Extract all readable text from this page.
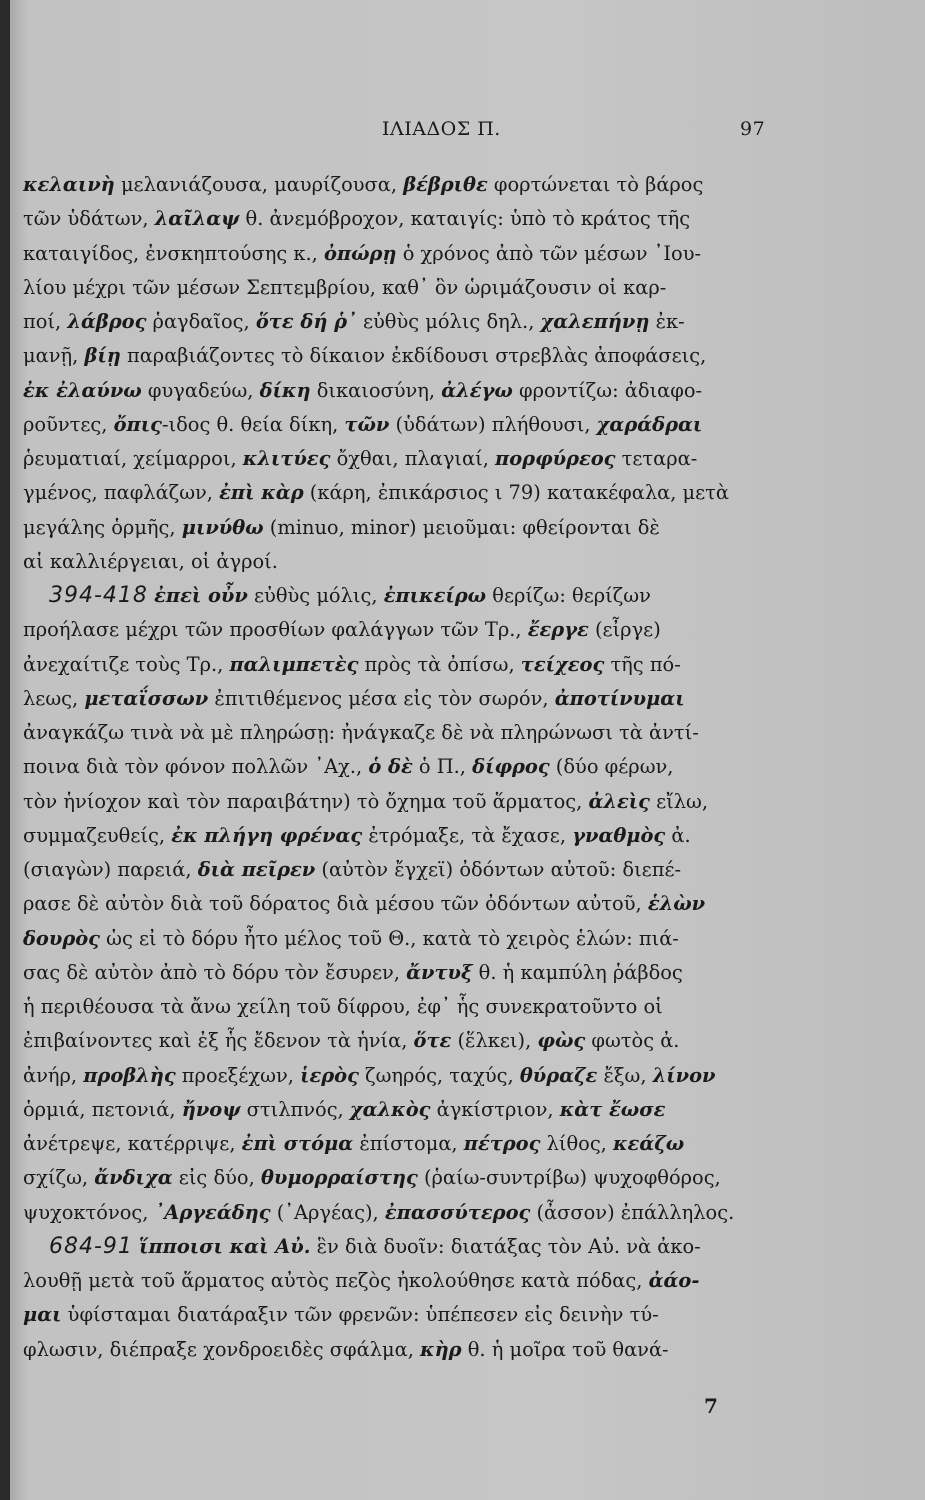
ΙΛΙΑΔΟΣ Π.	97
κελαινὴ μελανιάζουσα, μαυρίζουσα, βέβριθε φορτώνεται τὸ βάρος
τῶν ὑδάτων, λαῖλαψ θ. ἀνεμόβροχον, καταιγίς: ὑπὸ τὸ κράτος τῆς
καταιγίδος, ἐνσκηπτούσης κ., ὀπώρῃ ὁ χρόνος ἀπὸ τῶν μέσων ᾿Ιου-
λίου μέχρι τῶν μέσων Σεπτεμβρίου, καθ᾿ ὃν ὡριμάζουσιν οἱ καρ-
ποί, λάβρος ῥαγδαῖος, ὅτε δή ῥ᾿ εὐθὺς μόλις δηλ., χαλεπήνῃ ἐκ-
μανῇ, βίῃ παραβιάζοντες τὸ δίκαιον ἐκδίδουσι στρεβλὰς ἀποφάσεις,
ἐκ ἐλαύνω φυγαδεύω, δίκη δικαιοσύνη, ἀλέγω φροντίζω: ἀδιαφο-
ροῦντες, ὄπις-ιδος θ. θεία δίκη, τῶν (ὑδάτων) πλήθουσι, χαράδραι
ῥευματιαί, χείμαρροι, κλιτύες ὄχθαι, πλαγιαί, πορφύρεος τεταρα-
γμένος, παφλάζων, ἐπὶ κὰρ (κάρη, ἐπικάρσιος ι 79) κατακέφαλα, μετὰ
μεγάλης ὁρμῆς, μινύθω (minuo, minor) μειοῦμαι: φθείρονται δὲ
αἱ καλλιέργειαι, οἱ ἀγροί.
394-418 ἐπεὶ οὖν εὐθὺς μόλις, ἐπικείρω θερίζω: θερίζων
προήλασε μέχρι τῶν προσθίων φαλάγγων τῶν Τρ., ἔεργε (εἶργε)
ἀνεχαίτιζε τοὺς Τρ., παλιμπετὲς πρὸς τὰ ὀπίσω, τείχεος τῆς πό-
λεως, μεταΐσσων ἐπιτιθέμενος μέσα εἰς τὸν σωρόν, ἀποτίνυμαι
ἀναγκάζω τινὰ νὰ μὲ πληρώσῃ: ἠνάγκαζε δὲ νὰ πληρώνωσι τὰ ἀντί-
ποινα διὰ τὸν φόνον πολλῶν ᾿Αχ., ὁ δὲ ὁ Π., δίφρος (δύο φέρων,
τὸν ἡνίοχον καὶ τὸν παραιβάτην) τὸ ὄχημα τοῦ ἅρματος, ἀλεὶς εἴλω,
συμμαζευθείς, ἐκ πλήγη φρένας ἐτρόμαξε, τὰ ἔχασε, γναθμὸς ἀ.
(σιαγὼν) παρειά, διὰ πεῖρεν (αὐτὸν ἔγχεϊ) ὀδόντων αὐτοῦ: διεπέ-
ρασε δὲ αὐτὸν διὰ τοῦ δόρατος διὰ μέσου τῶν ὀδόντων αὐτοῦ, ἑλὼν
δουρὸς ὡς εἰ τὸ δόρυ ἦτο μέλος τοῦ Θ., κατὰ τὸ χειρὸς ἑλών: πιά-
σας δὲ αὐτὸν ἀπὸ τὸ δόρυ τὸν ἔσυρεν, ἄντυξ θ. ἡ καμπύλη ῥάβδος
ἡ περιθέουσα τὰ ἄνω χείλη τοῦ δίφρου, ἐφ᾿ ἧς συνεκρατοῦντο οἱ
ἐπιβαίνοντες καὶ ἐξ ἧς ἔδενον τὰ ἡνία, ὅτε (ἕλκει), φὼς φωτὸς ἀ.
ἀνήρ, προβλὴς προεξέχων, ἱερὸς ζωηρός, ταχύς, θύραζε ἔξω, λίνον
ὁρμιά, πετονιά, ἤνοψ στιλπνός, χαλκὸς ἀγκίστριον, κὰτ ἔωσε
ἀνέτρεψε, κατέρριψε, ἐπὶ στόμα ἐπίστομα, πέτρος λίθος, κεάζω
σχίζω, ἄνδιχα εἰς δύο, θυμορραίστης (ῥαίω-συντρίβω) ψυχοφθόρος,
ψυχοκτόνος, ᾿Αργεάδης (᾿Αργέας), ἐπασσύτερος (ἆσσον) ἐπάλληλος.
684-91 ἵπποισι καὶ Αὐ. ἓν διὰ δυοῖν: διατάξας τὸν Αὐ. νὰ ἀκο-
λουθῇ μετὰ τοῦ ἅρματος αὐτὸς πεζὸς ἠκολούθησε κατὰ πόδας, ἀάο-
μαι ὑφίσταμαι διατάραξιν τῶν φρενῶν: ὑπέπεσεν εἰς δεινὴν τύ-
φλωσιν, διέπραξε χονδροειδὲς σφάλμα, κὴρ θ. ἡ μοῖρα τοῦ θανά-
7
